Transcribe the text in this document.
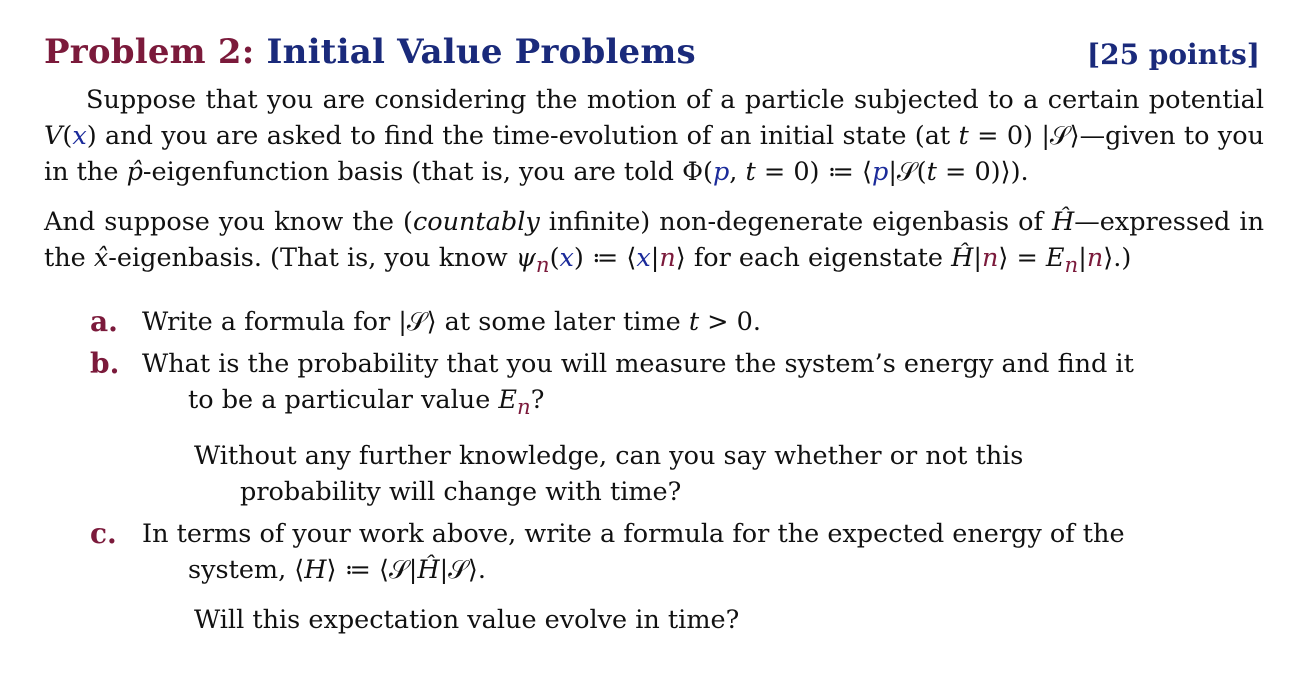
Problem 2: Initial Value Problems	[25 points]

Suppose that you are considering the motion of a particle subjected to a certain potential V(x) and you are asked to find the time-evolution of an initial state (at t = 0) |𝒮⟩—given to you in the p̂-eigenfunction basis (that is, you are told Φ(p, t = 0) ≔ ⟨p|𝒮(t = 0)⟩).

And suppose you know the (countably infinite) non-degenerate eigenbasis of Ĥ—expressed in the x̂-eigenbasis. (That is, you know $\psi_n(x)$ ≔ ⟨x|n⟩ for each eigenstate Ĥ|n⟩ = $E_n|n⟩$.)

a. Write a formula for |𝒮⟩ at some later time t > 0.
b. What is the probability that you will measure the system’s energy and find it to be a particular value $E_n$?
Without any further knowledge, can you say whether or not this probability will change with time?
c. In terms of your work above, write a formula for the expected energy of the system, ⟨H⟩ ≔ ⟨𝒮|Ĥ|𝒮⟩.
Will this expectation value evolve in time?
